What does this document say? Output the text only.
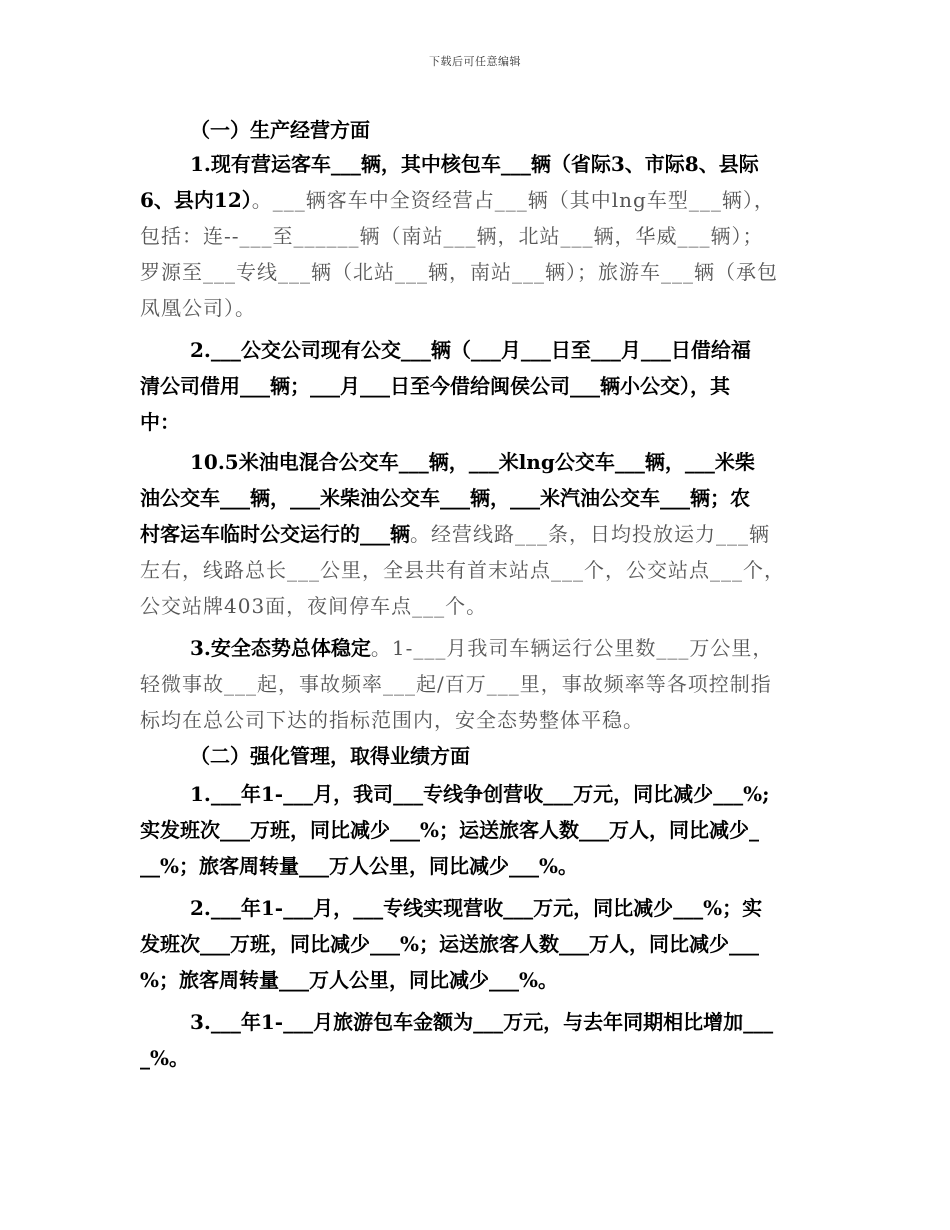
下载后可任意编辑
（一）生产经营方面
1.现有营运客车___辆，其中核包车___辆（省际3、市际8、县际
6、县内12）。___辆客车中全资经营占___辆（其中lng车型___辆），
包括：连--___至______辆（南站___辆，北站___辆，华威___辆）；
罗源至___专线___辆（北站___辆，南站___辆）；旅游车___辆（承包
凤凰公司）。
2.___公交公司现有公交___辆（___月___日至___月___日借给福
清公司借用___辆；___月___日至今借给闽侯公司___辆小公交），其
中：
10.5米油电混合公交车___辆，___米lng公交车___辆，___米柴
油公交车___辆，___米柴油公交车___辆，___米汽油公交车___辆；农
村客运车临时公交运行的___辆。经营线路___条，日均投放运力___辆
左右，线路总长___公里，全县共有首末站点___个，公交站点___个，
公交站牌403面，夜间停车点___个。
3.安全态势总体稳定。1-___月我司车辆运行公里数___万公里，
轻微事故___起，事故频率___起/百万___里，事故频率等各项控制指
标均在总公司下达的指标范围内，安全态势整体平稳。
（二）强化管理，取得业绩方面
1.___年1-___月，我司___专线争创营收___万元，同比减少___%;
实发班次___万班，同比减少___%；运送旅客人数___万人，同比减少_
__%；旅客周转量___万人公里，同比减少___%。
2.___年1-___月，___专线实现营收___万元，同比减少___%；实
发班次___万班，同比减少___%；运送旅客人数___万人，同比减少___
%；旅客周转量___万人公里，同比减少___%。
3.___年1-___月旅游包车金额为___万元，与去年同期相比增加___
_%。
